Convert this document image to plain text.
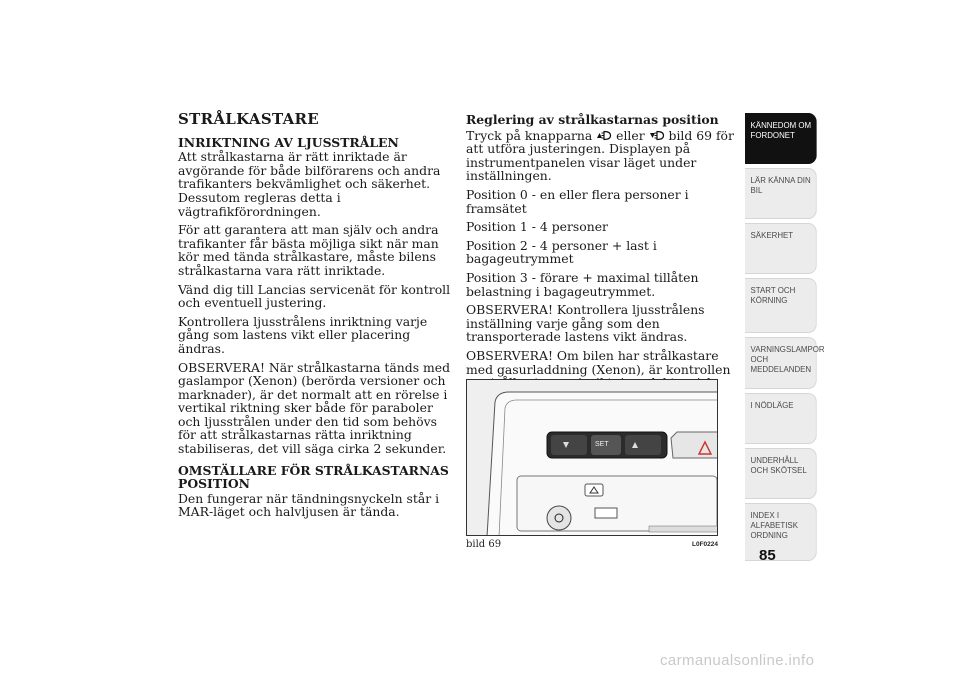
STRÅLKASTARE
INRIKTNING AV LJUSSTRÅLEN

Att strålkastarna är rätt inriktade är avgörande för både bilförarens och andra trafikanters bekvämlighet och säkerhet. Dessutom regleras detta i vägtrafikförordningen.

För att garantera att man själv och andra trafikanter får bästa möjliga sikt när man kör med tända strålkastare, måste bilens strålkastarna vara rätt inriktade.

Vänd dig till Lancias servicenät för kontroll och eventuell justering.

Kontrollera ljusstrålens inriktning varje gång som lastens vikt eller placering ändras.

OBSERVERA! När strålkastarna tänds med gaslampor (Xenon) (berörda versioner och marknader), är det normalt att en rörelse i vertikal riktning sker både för paraboler och ljusstrålen under den tid som behövs för att strålkastarnas rätta inriktning stabiliseras, det vill säga cirka 2 sekunder.

OMSTÄLLARE FÖR STRÅLKASTARNAS POSITION

Den fungerar när tändningsnyckeln står i MAR-läget och halvljusen är tända.

Reglering av strålkastarnas position

Tryck på knapparna
eller
bild 69 för att utföra justeringen. Displayen på instrumentpanelen visar läget under inställningen.

Position 0 - en eller flera personer i framsätet

Position 1 - 4 personer

Position 2 - 4 personer + last i bagageutrymmet

Position 3 - förare + maximal tillåten belastning i bagageutrymmet.

OBSERVERA! Kontrollera ljusstrålens inställning varje gång som den transporterade lastens vikt ändras.

OBSERVERA! Om bilen har strålkastare med gasurladdning (Xenon), är kontrollen

SET
bild 69	L0F0224
KÄNNEDOM OM FORDONET
LÄR KÄNNA DIN BIL
SÄKERHET
START OCH KÖRNING
VARNINGSLAMPOR OCH MEDDELANDEN
I NÖDLÄGE
UNDERHÅLL OCH SKÖTSEL
INDEX I ALFABETISK ORDNING
85
carmanualsonline.info
